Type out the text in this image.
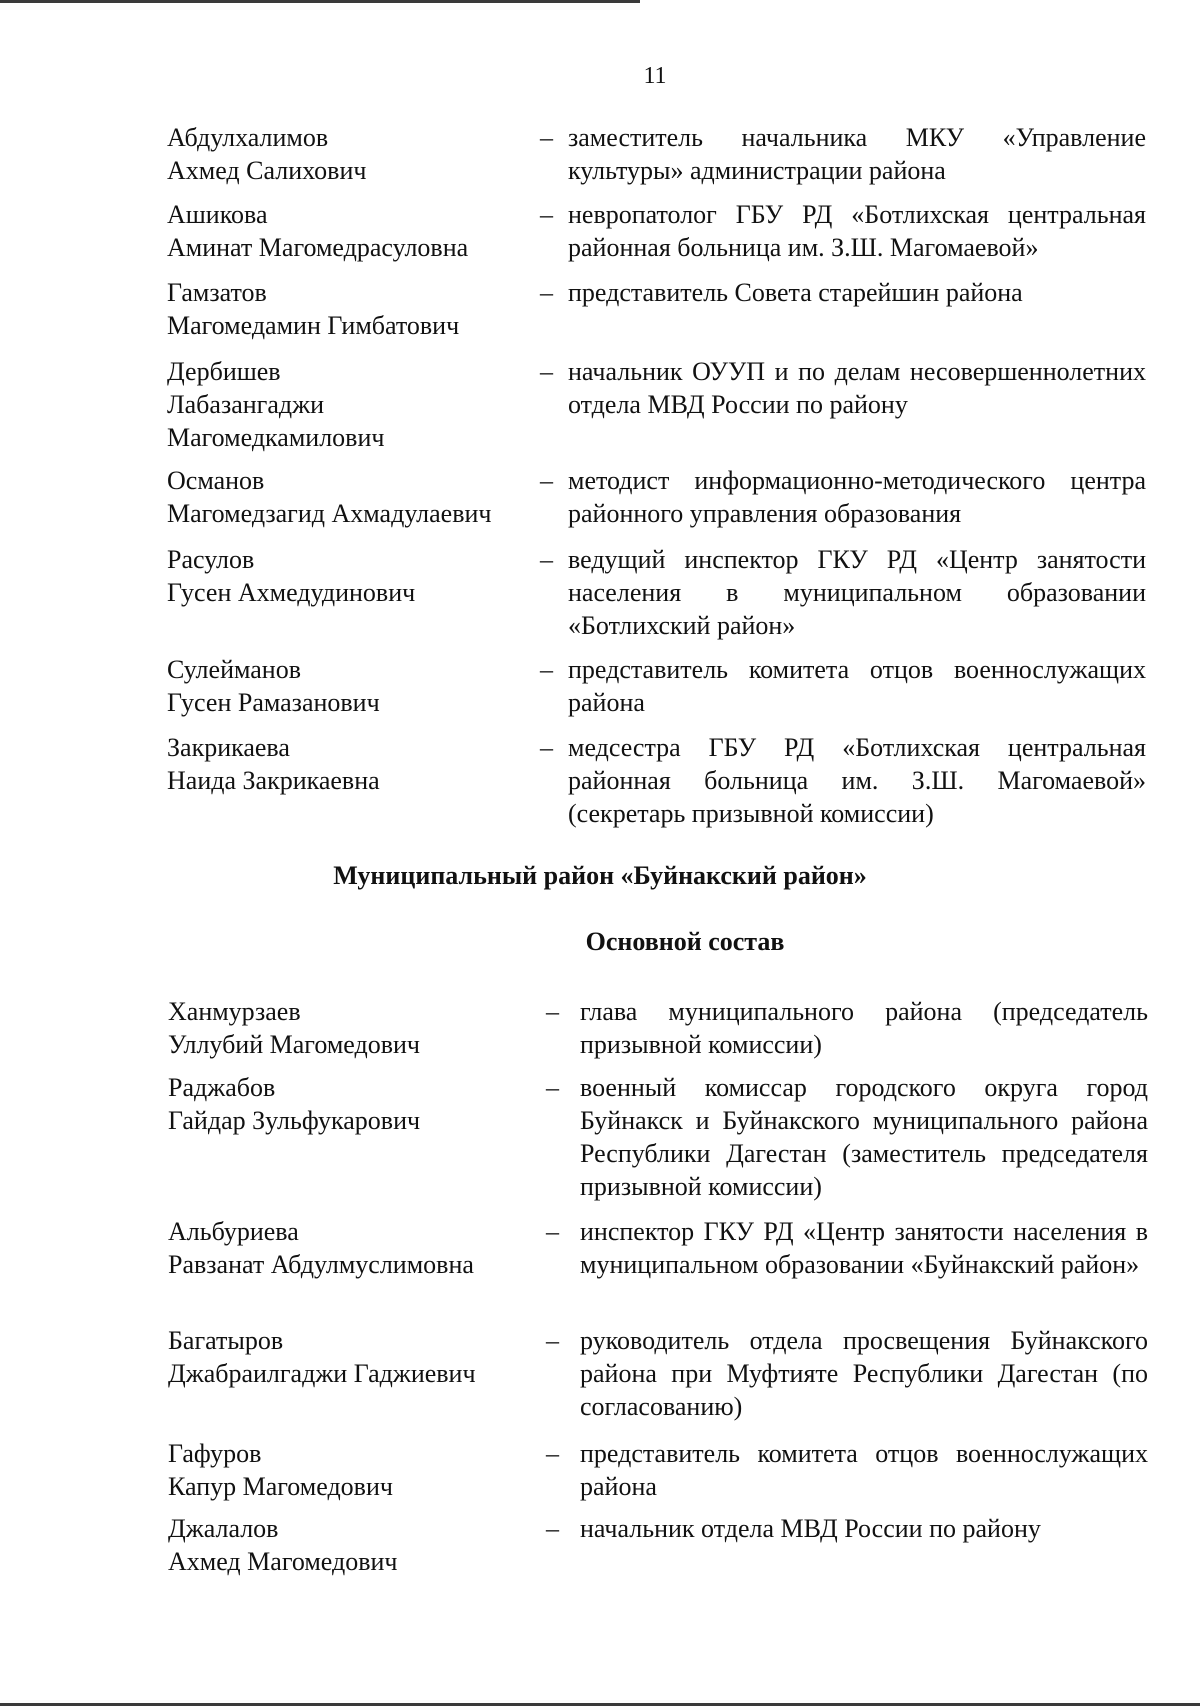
11
Абдулхалимов
Ахмед Салихович
– заместитель начальника МКУ «Управление культуры» администрации района
Ашикова
Аминат Магомедрасуловна
– невропатолог ГБУ РД «Ботлихская центральная районная больница им. З.Ш. Магомаевой»
Гамзатов
Магомедамин Гимбатович
– представитель Совета старейшин района
Дербишев
Лабазангаджи
Магомедкамилович
– начальник ОУУП и по делам несовершеннолетних отдела МВД России по району
Османов
Магомедзагид Ахмадулаевич
– методист информационно-методического центра районного управления образования
Расулов
Гусен Ахмедудинович
– ведущий инспектор ГКУ РД «Центр занятости населения в муниципальном образовании «Ботлихский район»
Сулейманов
Гусен Рамазанович
– представитель комитета отцов военнослужащих района
Закрикаева
Наида Закрикаевна
– медсестра ГБУ РД «Ботлихская центральная районная больница им. З.Ш. Магомаевой» (секретарь призывной комиссии)
Муниципальный район «Буйнакский район»
Основной состав
Ханмурзаев
Уллубий Магомедович
– глава муниципального района (председатель призывной комиссии)
Раджабов
Гайдар Зульфукарович
– военный комиссар городского округа город Буйнакск и Буйнакского муниципального района Республики Дагестан (заместитель председателя призывной комиссии)
Альбуриева
Равзанат Абдулмуслимовна
– инспектор ГКУ РД «Центр занятости населения в муниципальном образовании «Буйнакский район»
Багатыров
Джабраилгаджи Гаджиевич
– руководитель отдела просвещения Буйнакского района при Муфтияте Республики Дагестан (по согласованию)
Гафуров
Капур Магомедович
– представитель комитета отцов военнослужащих района
Джалалов
Ахмед Магомедович
– начальник отдела МВД России по району
